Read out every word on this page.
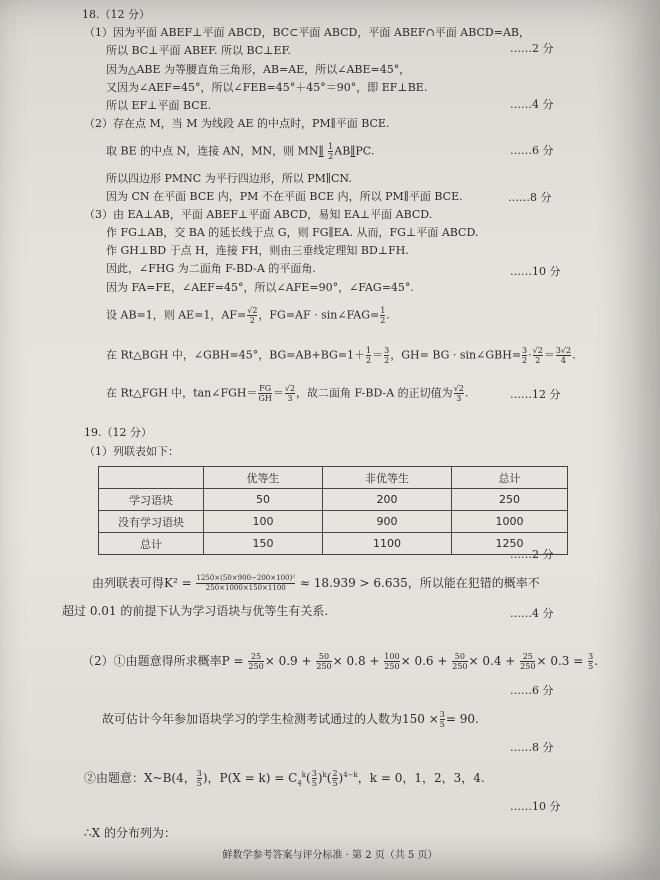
18.（12 分）
（1）因为平面 ABEF⊥平面 ABCD，BC⊂平面 ABCD，平面 ABEF∩平面 ABCD=AB，
所以 BC⊥平面 ABEF. 所以 BC⊥EF.	……2 分
因为△ABE 为等腰直角三角形，AB=AE，所以∠ABE=45°，
又因为∠AEF=45°，所以∠FEB=45°＋45°＝90°，即 EF⊥BE.
所以 EF⊥平面 BCE.	……4 分
（2）存在点 M，当 M 为线段 AE 的中点时，PM∥平面 BCE.
取 BE 的中点 N，连接 AN，MN，则 MN∥ $\frac{1}{2}$ AB∥PC.	……6 分
所以四边形 PMNC 为平行四边形，所以 PM∥CN.
因为 CN 在平面 BCE 内，PM 不在平面 BCE 内，所以 PM∥平面 BCE.	……8 分
（3）由 EA⊥AB，平面 ABEF⊥平面 ABCD，易知 EA⊥平面 ABCD.
作 FG⊥AB，交 BA 的延长线于点 G，则 FG∥EA. 从而，FG⊥平面 ABCD.
作 GH⊥BD 于点 H，连接 FH，则由三垂线定理知 BD⊥FH.
因此，∠FHG 为二面角 F-BD-A 的平面角.	……10 分
因为 FA=FE，∠AEF=45°，所以∠AFE=90°，∠FAG=45°.
设 AB=1，则 AE=1，$AF= \frac{√2}{2}$ ，FG=AF · sin∠FAG= $\frac{1}{2}$ .
在 Rt△BGH 中，∠GBH=45°，$BG=AB+BG=1+ \frac{1}{2} = \frac{3}{2}$ ，GH= BG · sin∠GBH= $\frac{3}{2} \cdot \frac{√2}{2} = \frac{3√2}{4}$ .
在 Rt△FGH 中，tan∠FGH＝ $\frac{FG}{GH} = \frac{√2}{3}$ ，故二面角 F-BD-A 的正切值为 $\frac{√2}{3}$ .	……12 分
19.（12 分）
（1）列联表如下：
	优等生	非优等生	总计
学习语块	50	200	250
没有学习语块	100	900	1000
总计	150	1100	1250
……2 分
由列联表可得$K^2 = \frac{\text{1250×(50×900−200×100)²}}{250\times 1000\times 150\times 1100} \approx 18.939 > 6.635$，所以能在犯错的概率不
超过 0.01 的前提下认为学习语块与优等生有关系.	……4 分
（2）①由题意得所求概率$P = \frac{25}{250} \times 0.9 + \frac{50}{250} \times 0.8 + \frac{100}{250} \times 0.6 + \frac{50}{250} \times 0.4 + \frac{25}{250} \times 0.3 = \frac{3}{5}$ .
……6 分
故可估计今年参加语块学习的学生检测考试通过的人数为$150 \times \frac{3}{5} = 90$.
……8 分
②由题意：X~B(4， $\frac{3}{5}$ )，$P(X = k) = C_4^k( \frac{3}{5} )^k( \frac{2}{5} )^{4-k}$，k = 0，1，2，3，4.
……10 分
∴X 的分布列为：
鲜数学参考答案与评分标准 · 第 2 页（共 5 页）
